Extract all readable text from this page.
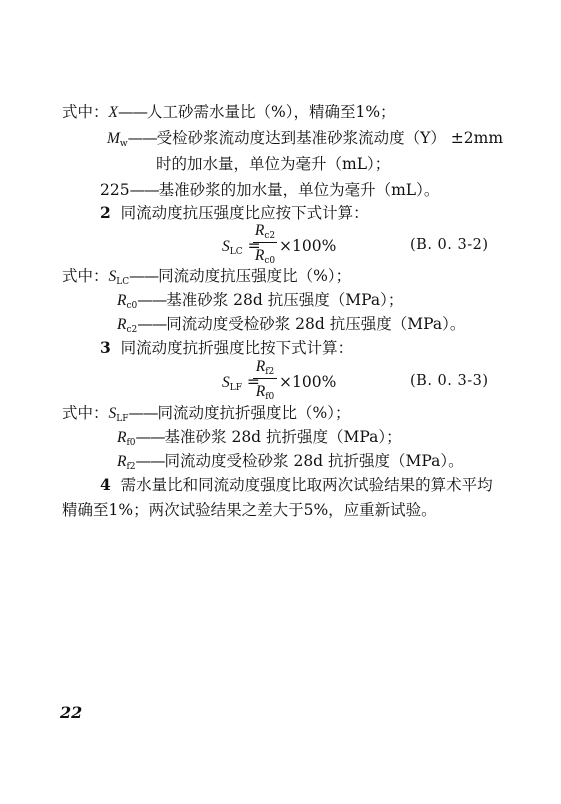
式中：X——人工砂需水量比（%），精确至1%；
Mw——受检砂浆流动度达到基准砂浆流动度（Y） ±2mm
时的加水量，单位为毫升（mL）；
225——基准砂浆的加水量，单位为毫升（mL）。
2 同流动度抗压强度比应按下式计算：
SLC =
Rc2
Rc0
×100%	(B. 0. 3-2)
式中：SLC——同流动度抗压强度比（%）；
Rc0——基准砂浆 28d 抗压强度（MPa）；
Rc2——同流动度受检砂浆 28d 抗压强度（MPa）。
3 同流动度抗折强度比按下式计算：
SLF =
Rf2
Rf0
×100%	(B. 0. 3-3)
式中：SLF——同流动度抗折强度比（%）；
Rf0——基准砂浆 28d 抗折强度（MPa）；
Rf2——同流动度受检砂浆 28d 抗折强度（MPa）。
4 需水量比和同流动度强度比取两次试验结果的算术平均
精确至1%；两次试验结果之差大于5%，应重新试验。
22
